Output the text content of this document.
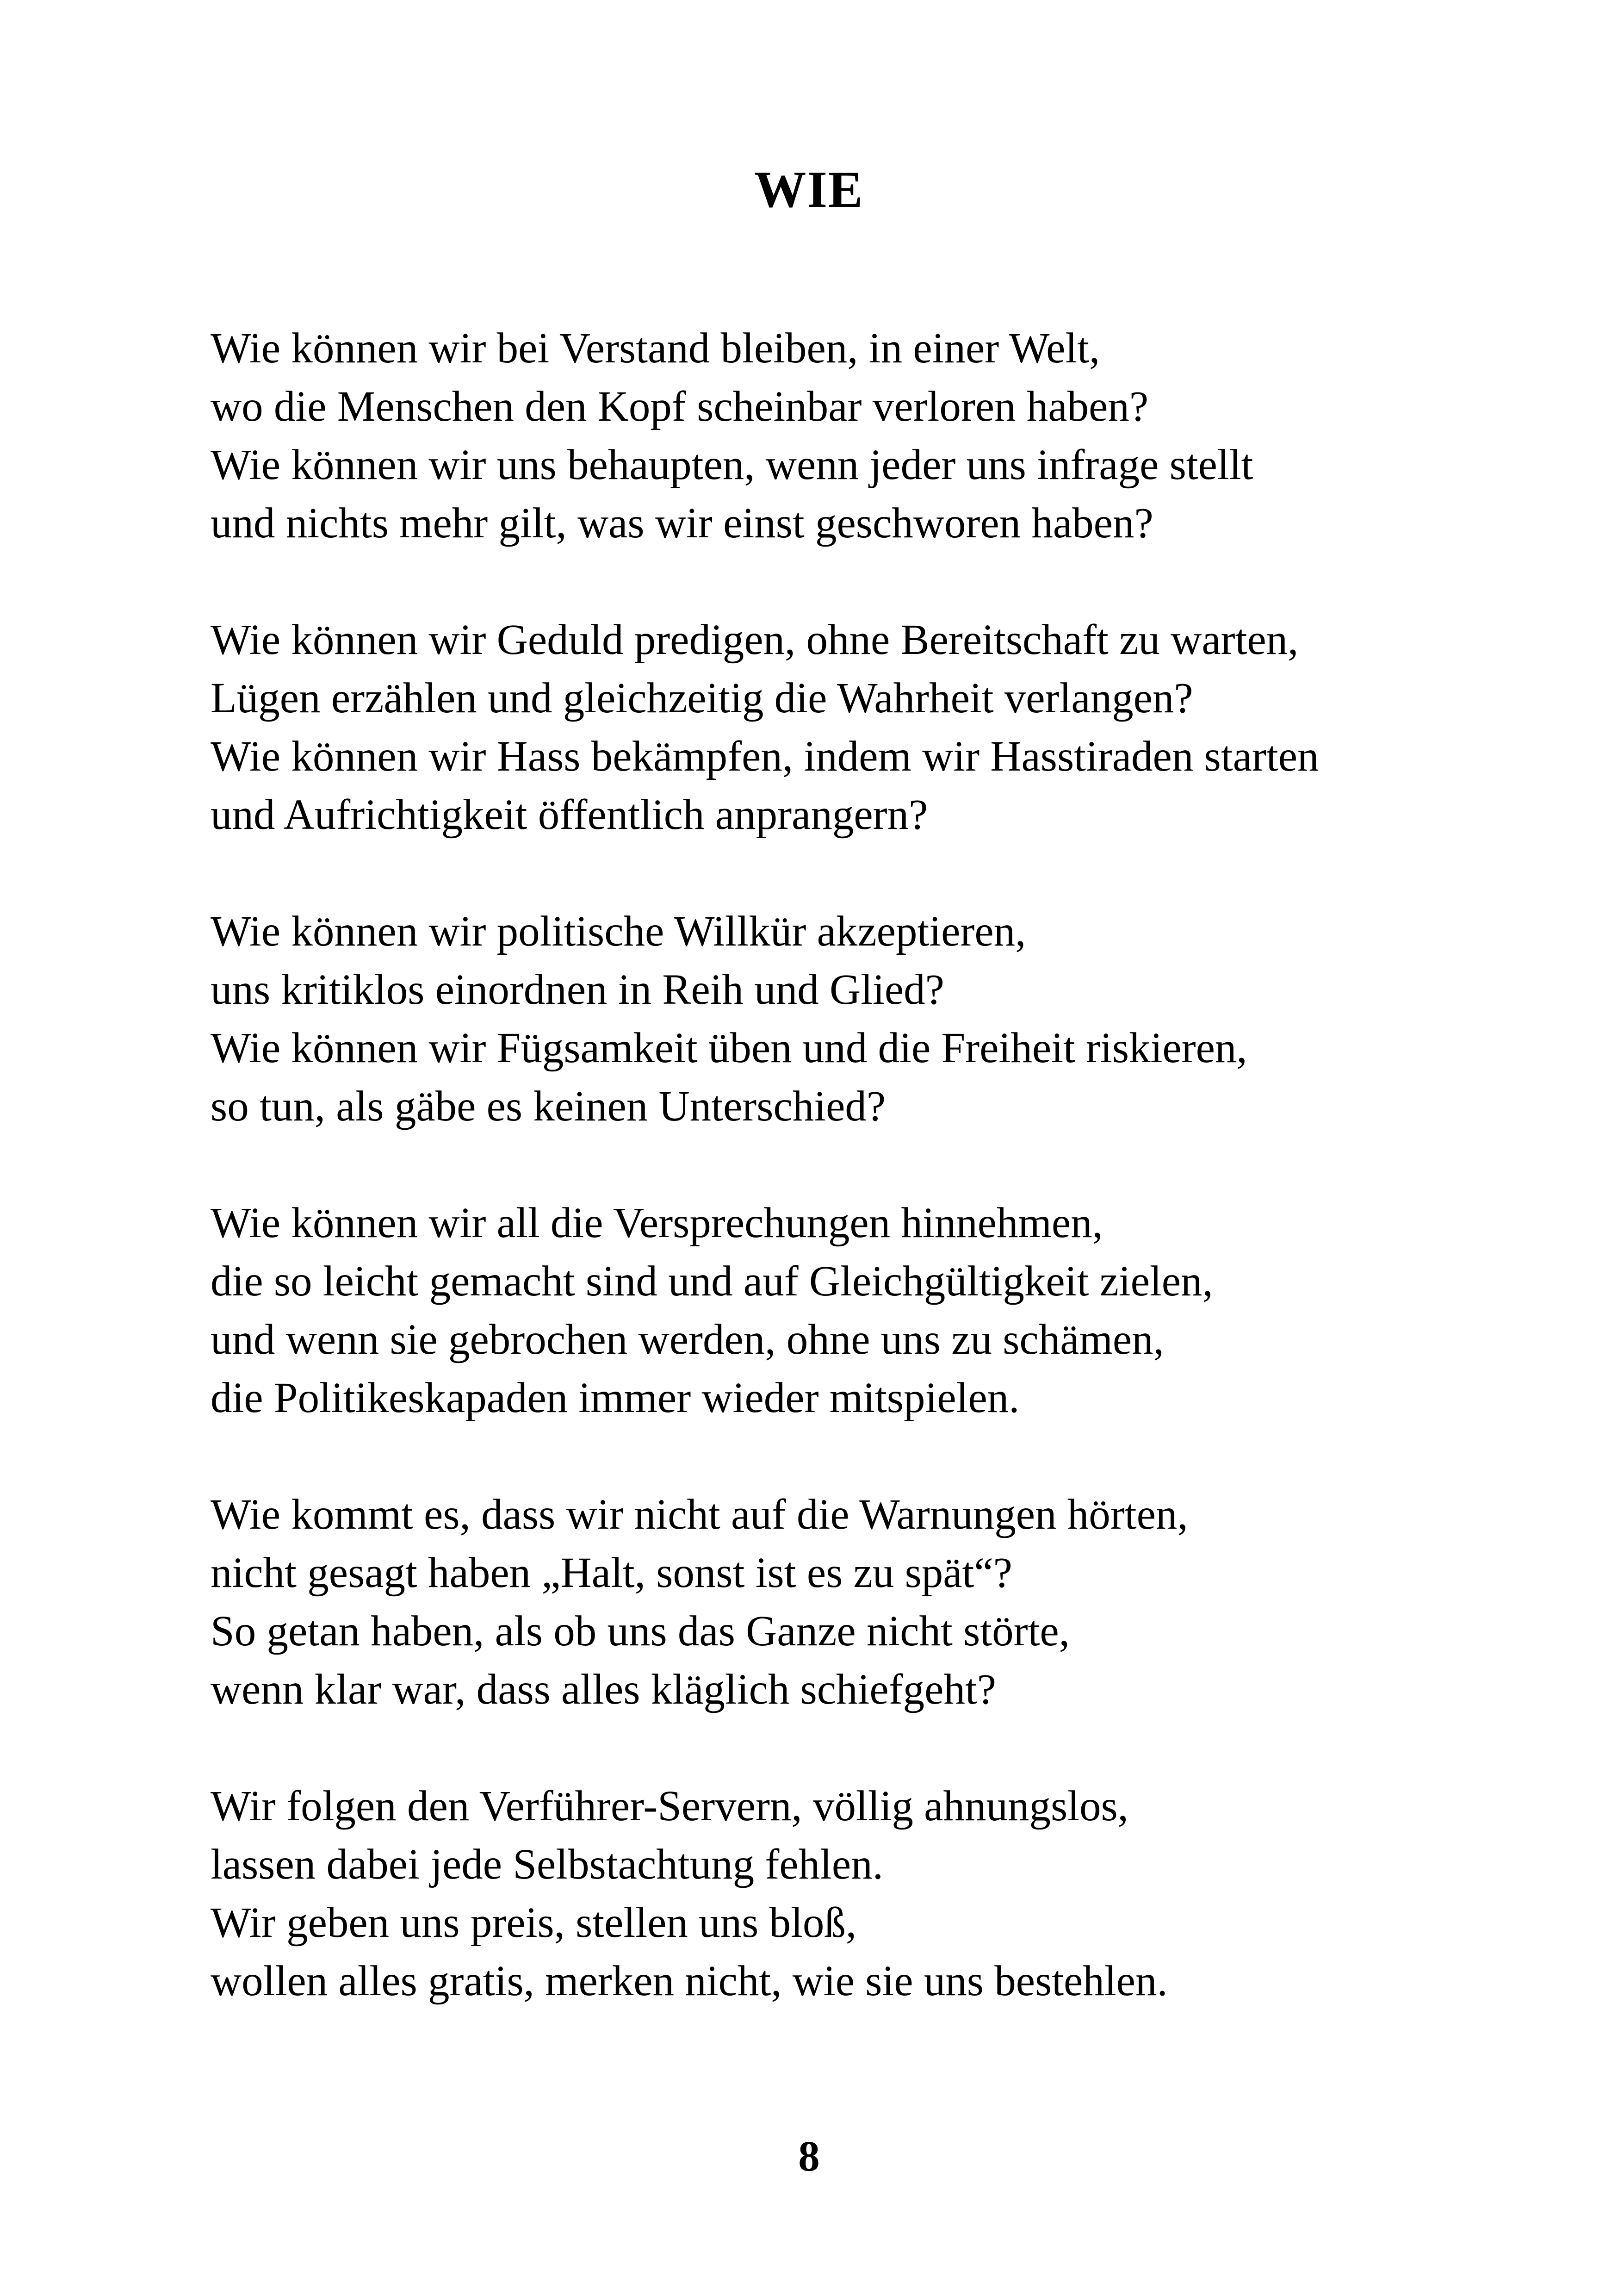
WIE
Wie können wir bei Verstand bleiben, in einer Welt,
wo die Menschen den Kopf scheinbar verloren haben?
Wie können wir uns behaupten, wenn jeder uns infrage stellt
und nichts mehr gilt, was wir einst geschworen haben?
Wie können wir Geduld predigen, ohne Bereitschaft zu warten,
Lügen erzählen und gleichzeitig die Wahrheit verlangen?
Wie können wir Hass bekämpfen, indem wir Hasstiraden starten
und Aufrichtigkeit öffentlich anprangern?
Wie können wir politische Willkür akzeptieren,
uns kritiklos einordnen in Reih und Glied?
Wie können wir Fügsamkeit üben und die Freiheit riskieren,
so tun, als gäbe es keinen Unterschied?
Wie können wir all die Versprechungen hinnehmen,
die so leicht gemacht sind und auf Gleichgültigkeit zielen,
und wenn sie gebrochen werden, ohne uns zu schämen,
die Politikeskapaden immer wieder mitspielen.
Wie kommt es, dass wir nicht auf die Warnungen hörten,
nicht gesagt haben „Halt, sonst ist es zu spät“?
So getan haben, als ob uns das Ganze nicht störte,
wenn klar war, dass alles kläglich schiefgeht?
Wir folgen den Verführer-Servern, völlig ahnungslos,
lassen dabei jede Selbstachtung fehlen.
Wir geben uns preis, stellen uns bloß,
wollen alles gratis, merken nicht, wie sie uns bestehlen.
8
